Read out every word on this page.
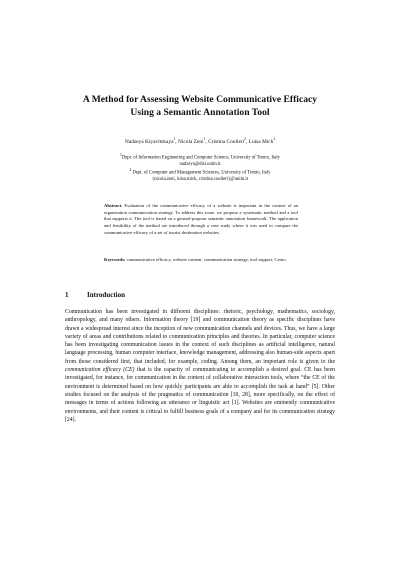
A Method for Assessing Website Communicative Efficacy
Using a Semantic Annotation Tool
Nadzeya Kiyavitskaya$^1$, Nicola Zeni$^1$, Cristina Coulleri$^2$, Luisa Mich$^2$
$^1$Dept. of Information Engineering and Computer Science, University of Trento, Italy
nadzeya@disi.unitn.it
$^2$ Dept. of Computer and Management Sciences, University of Trento, Italy
{nicola.zeni, luisa.mich, cristina.coulleri}@unitn.it
Abstract. Evaluation of the communicative efficacy of a website is important in the context of an organization communication strategy. To address this issue, we propose a systematic method and a tool that supports it. The tool is based on a general-purpose semantic annotation framework. The application and feasibility of the method are introduced through a case study where it was used to compare the communicative efficacy of a set of tourist destination websites.
Keywords: communicative efficacy, website content, communication strategy, tool support, Cerno.
1	Introduction
Communication has been investigated in different disciplines: rhetoric, psychology, mathematics, sociology, anthropology, and many others. Information theory [19] and communication theory as specific disciplines have drawn a widespread interest since the inception of new communication channels and devices. Thus, we have a large variety of areas and contributions related to communication principles and theories. In particular, computer science has been investigating communication issues in the context of such disciplines as artificial intelligence, natural language processing, human computer interface, knowledge management, addressing also human-side aspects apart from those considered first, that included, for example, coding. Among them, an important role is given to the communication efficacy (CE) that is the capacity of communicating to accomplish a desired goal. CE has been investigated, for instance, for communication in the context of collaborative interaction tools, where “the CE of the environment is determined based on how quickly participants are able to accomplish the task at hand” [5]. Other studies focused on the analysis of the pragmatics of communication [10, 28], more specifically, on the effect of messages in terms of actions following an utterance or linguistic act [1]. Websites are eminently communicative environments, and their content is critical to fulfill business goals of a company and for its communication strategy [24].
